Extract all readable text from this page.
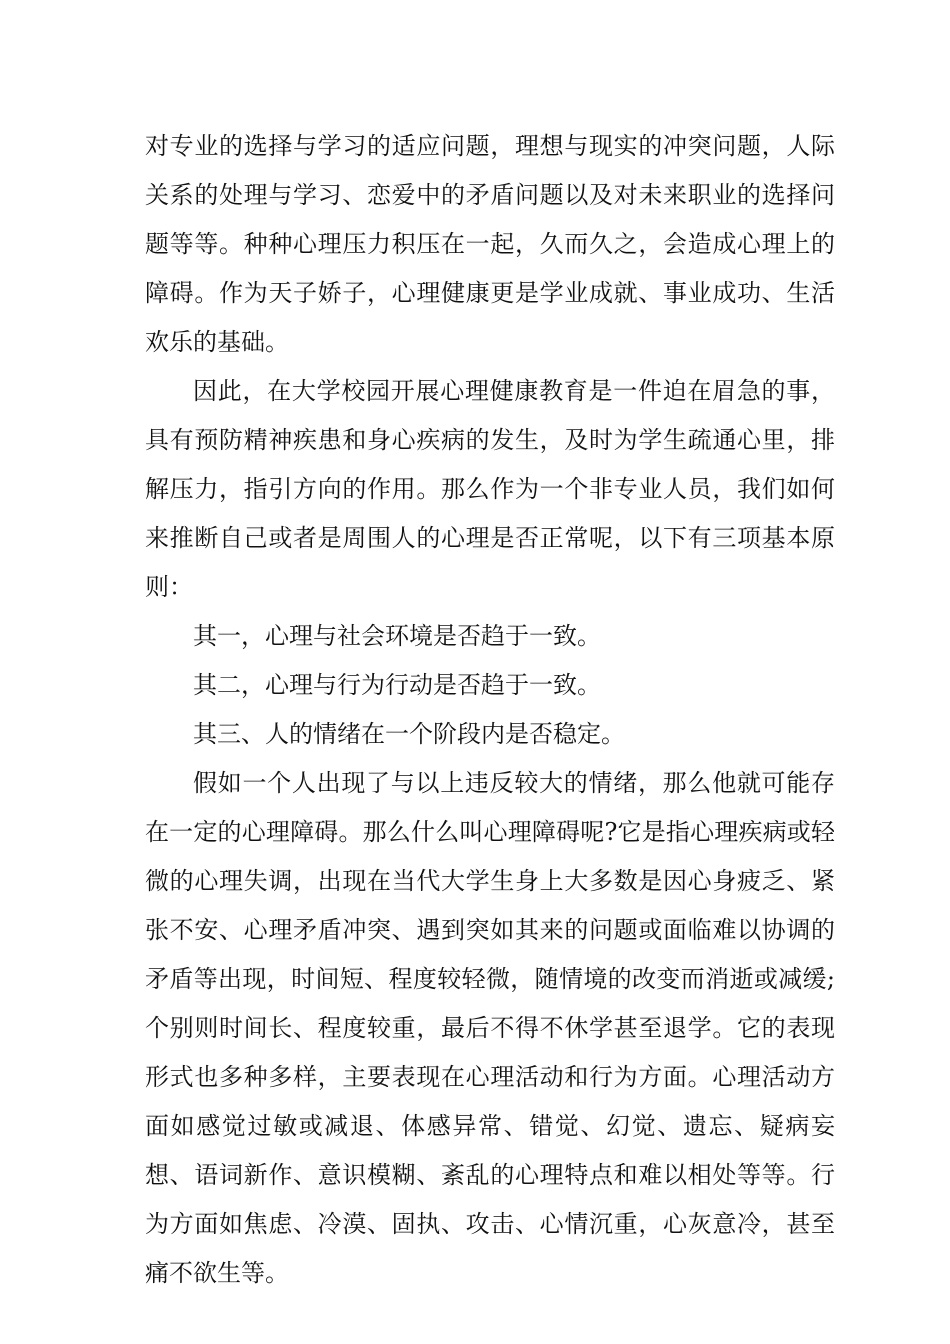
对专业的选择与学习的适应问题，理想与现实的冲突问题，人际关系的处理与学习、恋爱中的矛盾问题以及对未来职业的选择问题等等。种种心理压力积压在一起，久而久之，会造成心理上的障碍。作为天子娇子，心理健康更是学业成就、事业成功、生活欢乐的基础。

因此，在大学校园开展心理健康教育是一件迫在眉急的事，具有预防精神疾患和身心疾病的发生，及时为学生疏通心里，排解压力，指引方向的作用。那么作为一个非专业人员，我们如何来推断自己或者是周围人的心理是否正常呢，以下有三项基本原则：

其一，心理与社会环境是否趋于一致。

其二，心理与行为行动是否趋于一致。

其三、人的情绪在一个阶段内是否稳定。

假如一个人出现了与以上违反较大的情绪，那么他就可能存在一定的心理障碍。那么什么叫心理障碍呢?它是指心理疾病或轻微的心理失调，出现在当代大学生身上大多数是因心身疲乏、紧张不安、心理矛盾冲突、遇到突如其来的问题或面临难以协调的矛盾等出现，时间短、程度较轻微，随情境的改变而消逝或减缓;个别则时间长、程度较重，最后不得不休学甚至退学。它的表现形式也多种多样，主要表现在心理活动和行为方面。心理活动方面如感觉过敏或减退、体感异常、错觉、幻觉、遗忘、疑病妄想、语词新作、意识模糊、紊乱的心理特点和难以相处等等。行为方面如焦虑、冷漠、固执、攻击、心情沉重，心灰意冷，甚至痛不欲生等。
